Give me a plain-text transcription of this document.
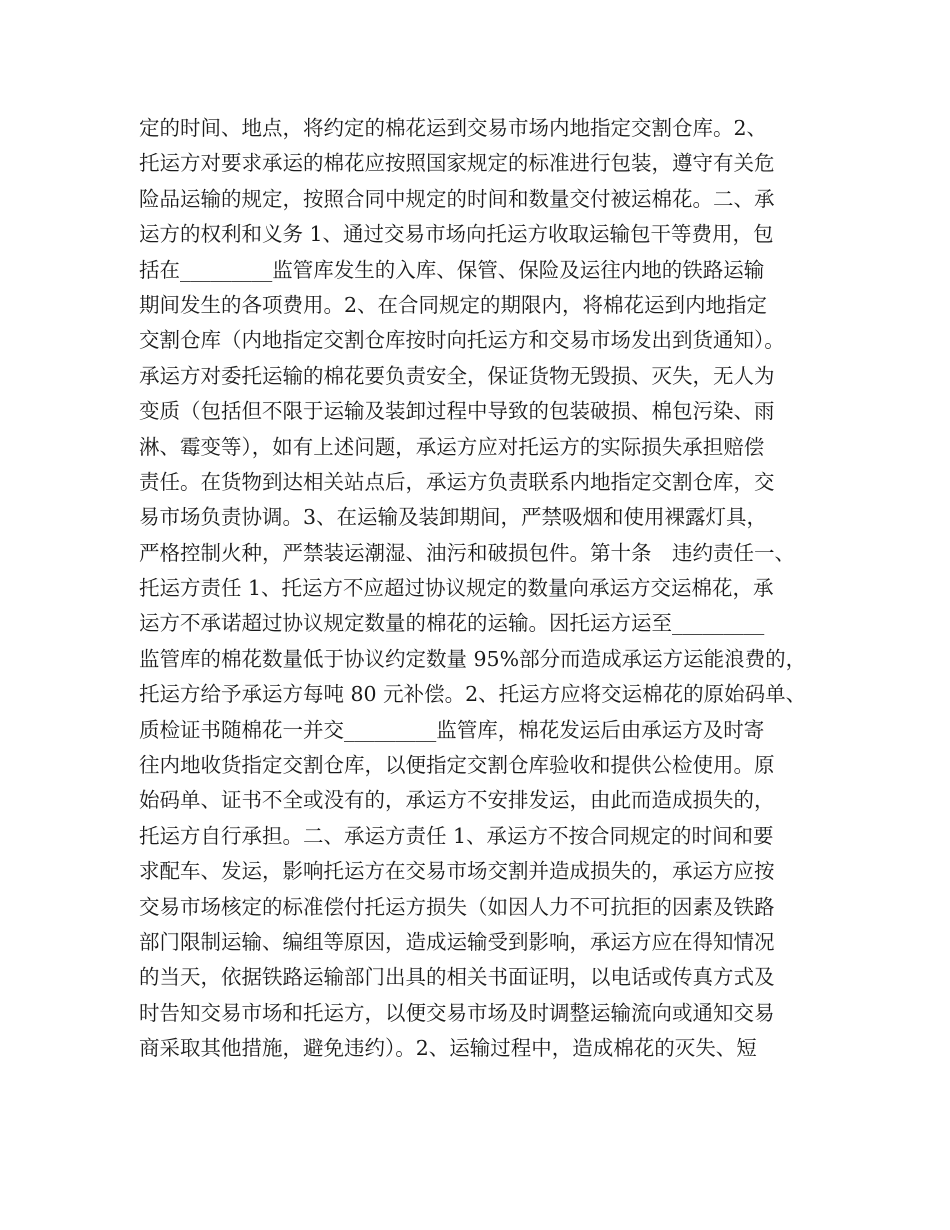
定的时间、地点，将约定的棉花运到交易市场内地指定交割仓库。2、
托运方对要求承运的棉花应按照国家规定的标准进行包装，遵守有关危
险品运输的规定，按照合同中规定的时间和数量交付被运棉花。二、承
运方的权利和义务 1、通过交易市场向托运方收取运输包干等费用，包
括在_________监管库发生的入库、保管、保险及运往内地的铁路运输
期间发生的各项费用。2、在合同规定的期限内，将棉花运到内地指定
交割仓库（内地指定交割仓库按时向托运方和交易市场发出到货通知）。
承运方对委托运输的棉花要负责安全，保证货物无毁损、灭失，无人为
变质（包括但不限于运输及装卸过程中导致的包装破损、棉包污染、雨
淋、霉变等），如有上述问题，承运方应对托运方的实际损失承担赔偿
责任。在货物到达相关站点后，承运方负责联系内地指定交割仓库，交
易市场负责协调。3、在运输及装卸期间，严禁吸烟和使用裸露灯具，
严格控制火种，严禁装运潮湿、油污和破损包件。第十条　违约责任一、
托运方责任 1、托运方不应超过协议规定的数量向承运方交运棉花，承
运方不承诺超过协议规定数量的棉花的运输。因托运方运至_________
监管库的棉花数量低于协议约定数量 95%部分而造成承运方运能浪费的，
托运方给予承运方每吨 80 元补偿。2、托运方应将交运棉花的原始码单、
质检证书随棉花一并交_________监管库，棉花发运后由承运方及时寄
往内地收货指定交割仓库，以便指定交割仓库验收和提供公检使用。原
始码单、证书不全或没有的，承运方不安排发运，由此而造成损失的，
托运方自行承担。二、承运方责任 1、承运方不按合同规定的时间和要
求配车、发运，影响托运方在交易市场交割并造成损失的，承运方应按
交易市场核定的标准偿付托运方损失（如因人力不可抗拒的因素及铁路
部门限制运输、编组等原因，造成运输受到影响，承运方应在得知情况
的当天，依据铁路运输部门出具的相关书面证明，以电话或传真方式及
时告知交易市场和托运方，以便交易市场及时调整运输流向或通知交易
商采取其他措施，避免违约）。2、运输过程中，造成棉花的灭失、短
